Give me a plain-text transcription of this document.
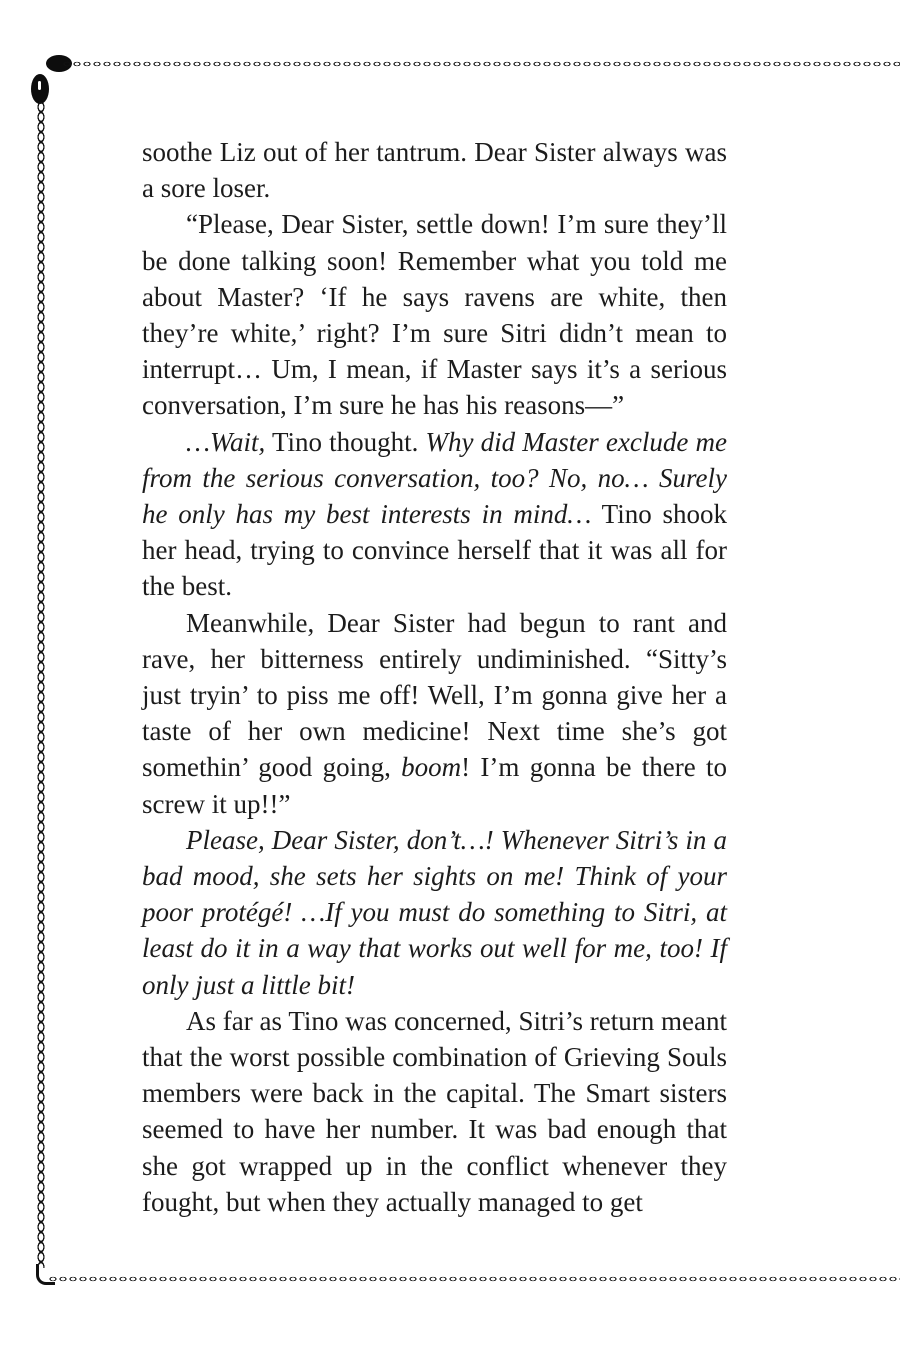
soothe Liz out of her tantrum. Dear Sister always was a sore loser.

“Please, Dear Sister, settle down! I’m sure they’ll be done talking soon! Remember what you told me about Master? ‘If he says ravens are white, then they’re white,’ right? I’m sure Sitri didn’t mean to interrupt… Um, I mean, if Master says it’s a serious conversation, I’m sure he has his reasons—”

…Wait, Tino thought. Why did Master exclude me from the serious conversation, too? No, no… Surely he only has my best interests in mind… Tino shook her head, trying to convince herself that it was all for the best.

Meanwhile, Dear Sister had begun to rant and rave, her bitterness entirely undiminished. “Sitty’s just tryin’ to piss me off! Well, I’m gonna give her a taste of her own medicine! Next time she’s got somethin’ good going, boom! I’m gonna be there to screw it up!!”

Please, Dear Sister, don’t…! Whenever Sitri’s in a bad mood, she sets her sights on me! Think of your poor protégé! …If you must do something to Sitri, at least do it in a way that works out well for me, too! If only just a little bit!

As far as Tino was concerned, Sitri’s return meant that the worst possible combination of Grieving Souls members were back in the capital. The Smart sisters seemed to have her number. It was bad enough that she got wrapped up in the conflict whenever they fought, but when they actually managed to get
